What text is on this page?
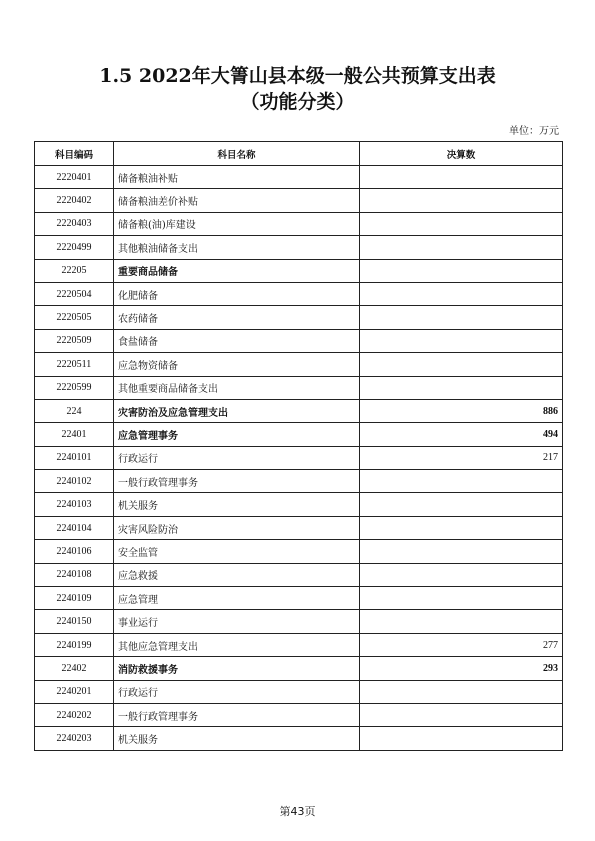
1.5 2022年大箐山县本级一般公共预算支出表
（功能分类）
单位：万元
科目编码	科目名称	决算数
2220401	储备粮油补贴	
2220402	储备粮油差价补贴	
2220403	储备粮(油)库建设	
2220499	其他粮油储备支出	
22205	重要商品储备	
2220504	化肥储备	
2220505	农药储备	
2220509	食盐储备	
2220511	应急物资储备	
2220599	其他重要商品储备支出	
224	灾害防治及应急管理支出	886
22401	应急管理事务	494
2240101	行政运行	217
2240102	一般行政管理事务	
2240103	机关服务	
2240104	灾害风险防治	
2240106	安全监管	
2240108	应急救援	
2240109	应急管理	
2240150	事业运行	
2240199	其他应急管理支出	277
22402	消防救援事务	293
2240201	行政运行	
2240202	一般行政管理事务	
2240203	机关服务	
第43页
